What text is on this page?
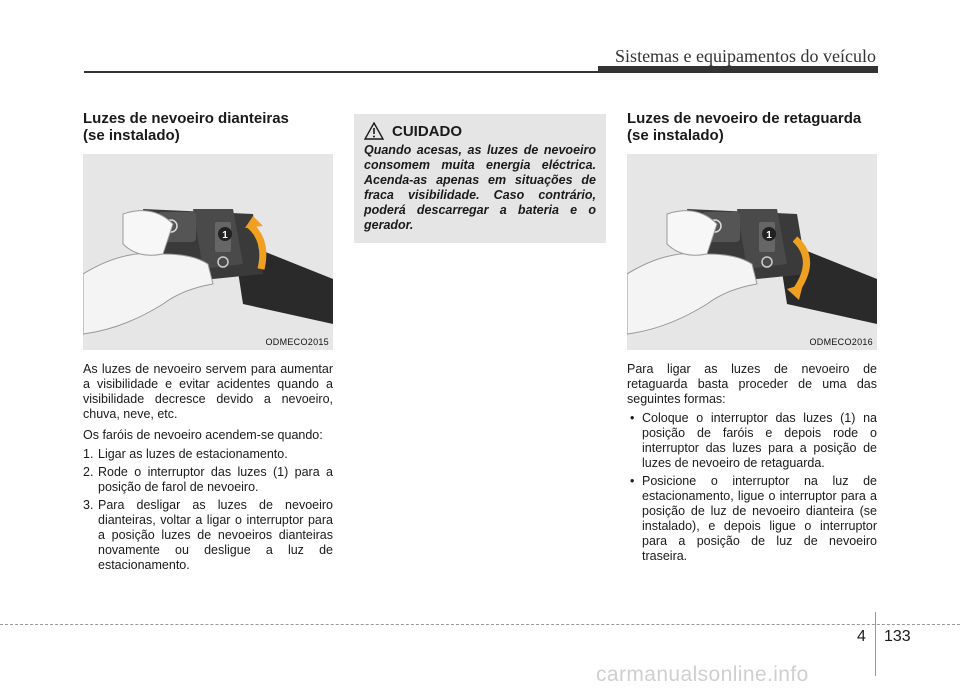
Sistemas e equipamentos do veículo
Luzes de nevoeiro dianteiras
(se instalado)
1
ODMECO2015

As luzes de nevoeiro servem para aumentar a visibilidade e evitar acidentes quando a visibilidade decresce devido a nevoeiro, chuva, neve, etc.

Os faróis de nevoeiro acendem-se quando:

1. Ligar as luzes de estacionamento.
2. Rode o interruptor das luzes (1) para a posição de farol de nevoeiro.
3. Para desligar as luzes de nevoeiro dianteiras, voltar a ligar o interruptor para a posição luzes de nevoeiros dianteiras novamente ou desligue a luz de estacionamento.
CUIDADO
Quando acesas, as luzes de nevoeiro consomem muita energia eléctrica. Acenda-as apenas em situações de fraca visibilidade. Caso contrário, poderá descarregar a bateria e o gerador.
Luzes de nevoeiro de retaguarda
(se instalado)
1
ODMECO2016

Para ligar as luzes de nevoeiro de retaguarda basta proceder de uma das seguintes formas:

• Coloque o interruptor das luzes (1) na posição de faróis e depois rode o interruptor das luzes para a posição de luzes de nevoeiro de retaguarda.
• Posicione o interruptor na luz de estacionamento, ligue o interruptor para a posição de luz de nevoeiro dianteira (se instalado), e depois ligue o interruptor para a posição de luz de nevoeiro traseira.
4 133
carmanualsonline.info
